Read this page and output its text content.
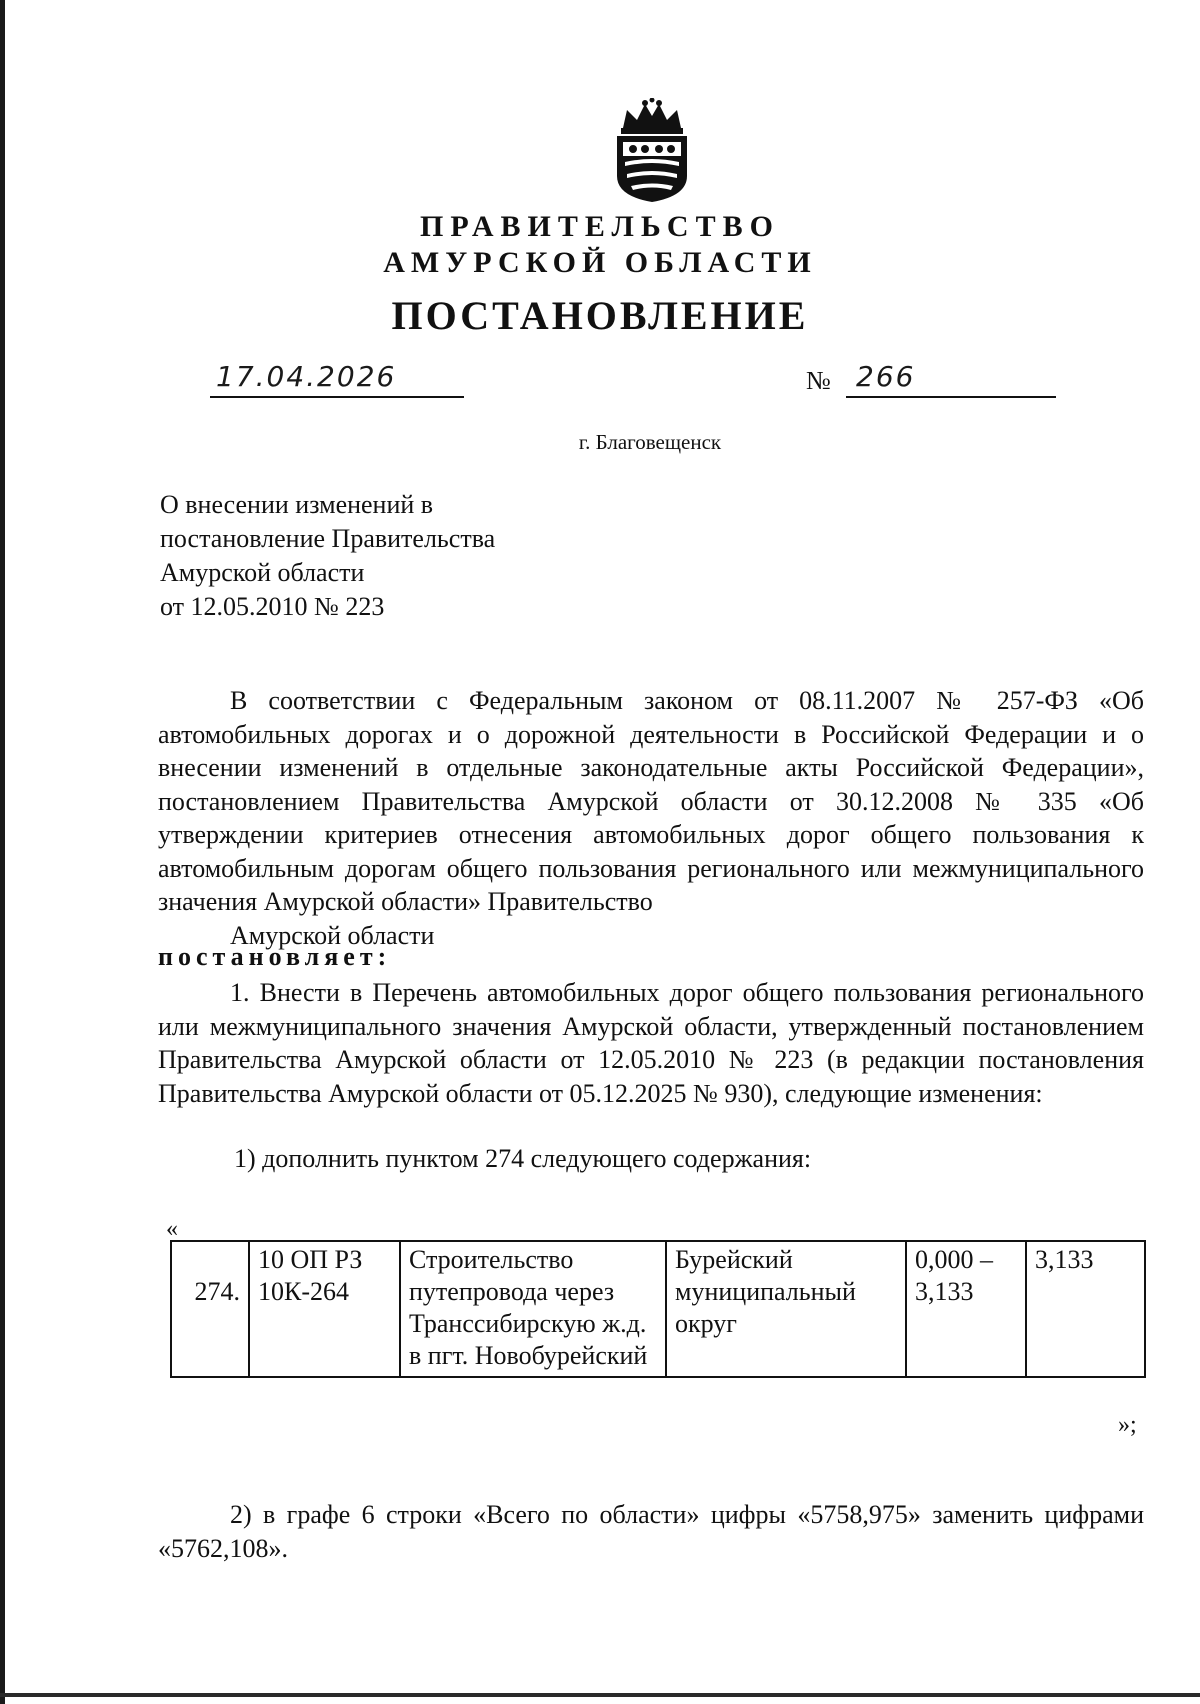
ПРАВИТЕЛЬСТВО
АМУРСКОЙ ОБЛАСТИ
ПОСТАНОВЛЕНИЕ
17.04.2026	№ 266
г. Благовещенск
О внесении изменений в
постановление Правительства
Амурской области
от 12.05.2010 № 223
В соответствии с Федеральным законом от 08.11.2007 № 257-ФЗ «Об автомобильных дорогах и о дорожной деятельности в Российской Федерации и о внесении изменений в отдельные законодательные акты Российской Федерации», постановлением Правительства Амурской области от 30.12.2008 № 335 «Об утверждении критериев отнесения автомобильных дорог общего пользования к автомобильным дорогам общего пользования регионального или межмуниципального значения Амурской области» Правительство
Амурской области
постановляет:
1. Внести в Перечень автомобильных дорог общего пользования регионального или межмуниципального значения Амурской области, утвержденный постановлением Правительства Амурской области от 12.05.2010 № 223 (в редакции постановления Правительства Амурской области от 05.12.2025 № 930), следующие изменения:
1) дополнить пунктом 274 следующего содержания:
«
274.	10 ОП РЗ 10К-264	Строительство путепровода через Транссибирскую ж.д. в пгт. Новобурейский	Бурейский муниципальный округ	0,000 – 3,133	3,133
»;
2) в графе 6 строки «Всего по области» цифры «5758,975» заменить цифрами «5762,108».
